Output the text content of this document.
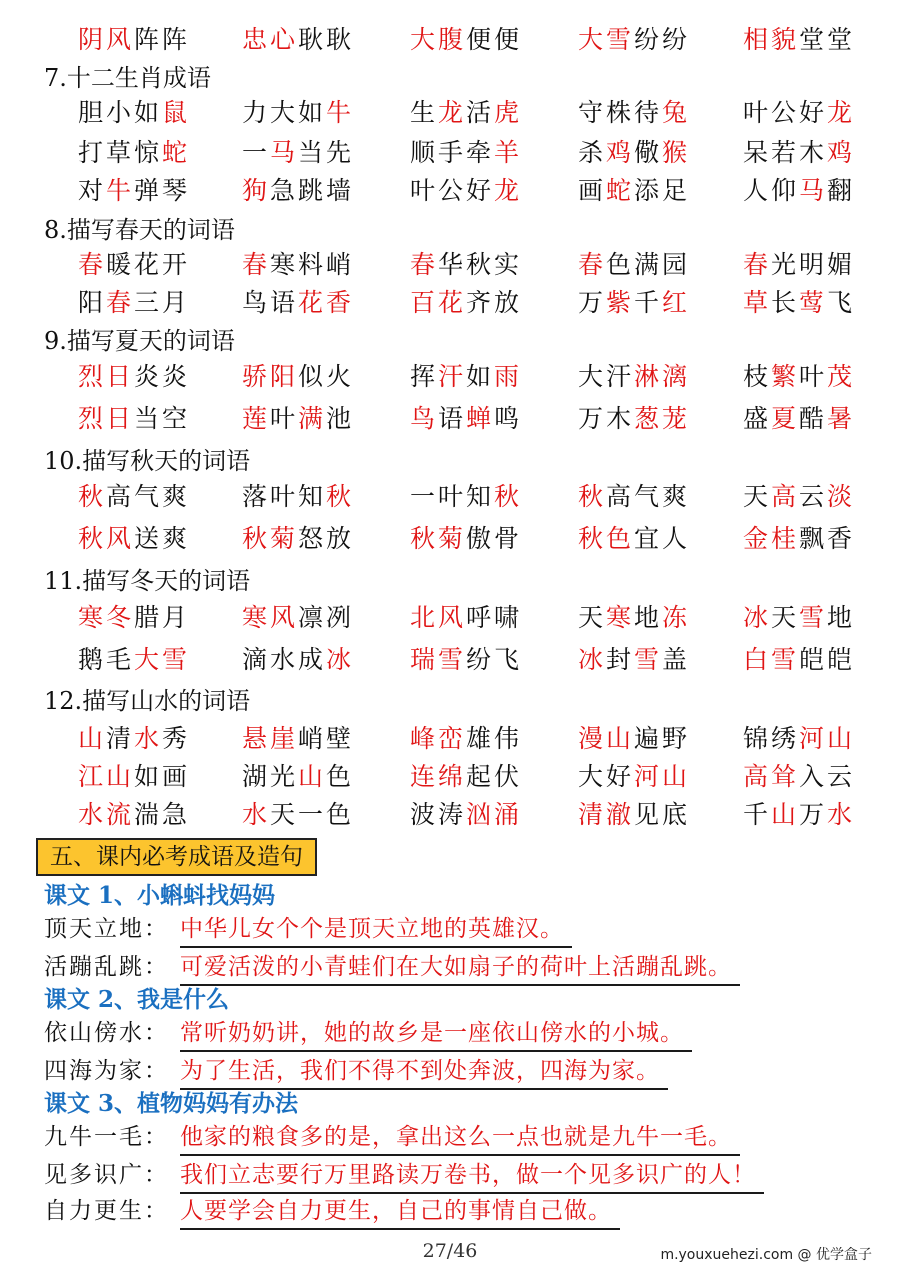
阴风阵阵 忠心耿耿 大腹便便 大雪纷纷 相貌堂堂
7.十二生肖成语
胆小如鼠 力大如牛 生龙活虎 守株待兔 叶公好龙
打草惊蛇 一马当先 顺手牵羊 杀鸡儆猴 呆若木鸡
对牛弹琴 狗急跳墙 叶公好龙 画蛇添足 人仰马翻
8.描写春天的词语
春暖花开 春寒料峭 春华秋实 春色满园 春光明媚
阳春三月 鸟语花香 百花齐放 万紫千红 草长莺飞
9.描写夏天的词语
烈日炎炎 骄阳似火 挥汗如雨 大汗淋漓 枝繁叶茂
烈日当空 莲叶满池 鸟语蝉鸣 万木葱茏 盛夏酷暑
10.描写秋天的词语
秋高气爽 落叶知秋 一叶知秋 秋高气爽 天高云淡
秋风送爽 秋菊怒放 秋菊傲骨 秋色宜人 金桂飘香
11.描写冬天的词语
寒冬腊月 寒风凛冽 北风呼啸 天寒地冻 冰天雪地
鹅毛大雪 滴水成冰 瑞雪纷飞 冰封雪盖 白雪皑皑
12.描写山水的词语
山清水秀 悬崖峭壁 峰峦雄伟 漫山遍野 锦绣河山
江山如画 湖光山色 连绵起伏 大好河山 高耸入云
水流湍急 水天一色 波涛汹涌 清澈见底 千山万水
五、课内必考成语及造句
课文 1、小蝌蚪找妈妈
顶天立地： 中华儿女个个是顶天立地的英雄汉。
活蹦乱跳： 可爱活泼的小青蛙们在大如扇子的荷叶上活蹦乱跳。
课文 2、我是什么
依山傍水： 常听奶奶讲，她的故乡是一座依山傍水的小城。
四海为家： 为了生活，我们不得不到处奔波，四海为家。
课文 3、植物妈妈有办法
九牛一毛： 他家的粮食多的是，拿出这么一点也就是九牛一毛。
见多识广： 我们立志要行万里路读万卷书，做一个见多识广的人！
自力更生： 人要学会自力更生，自己的事情自己做。
27/46	m.youxuehezi.com @ 优学盒子
